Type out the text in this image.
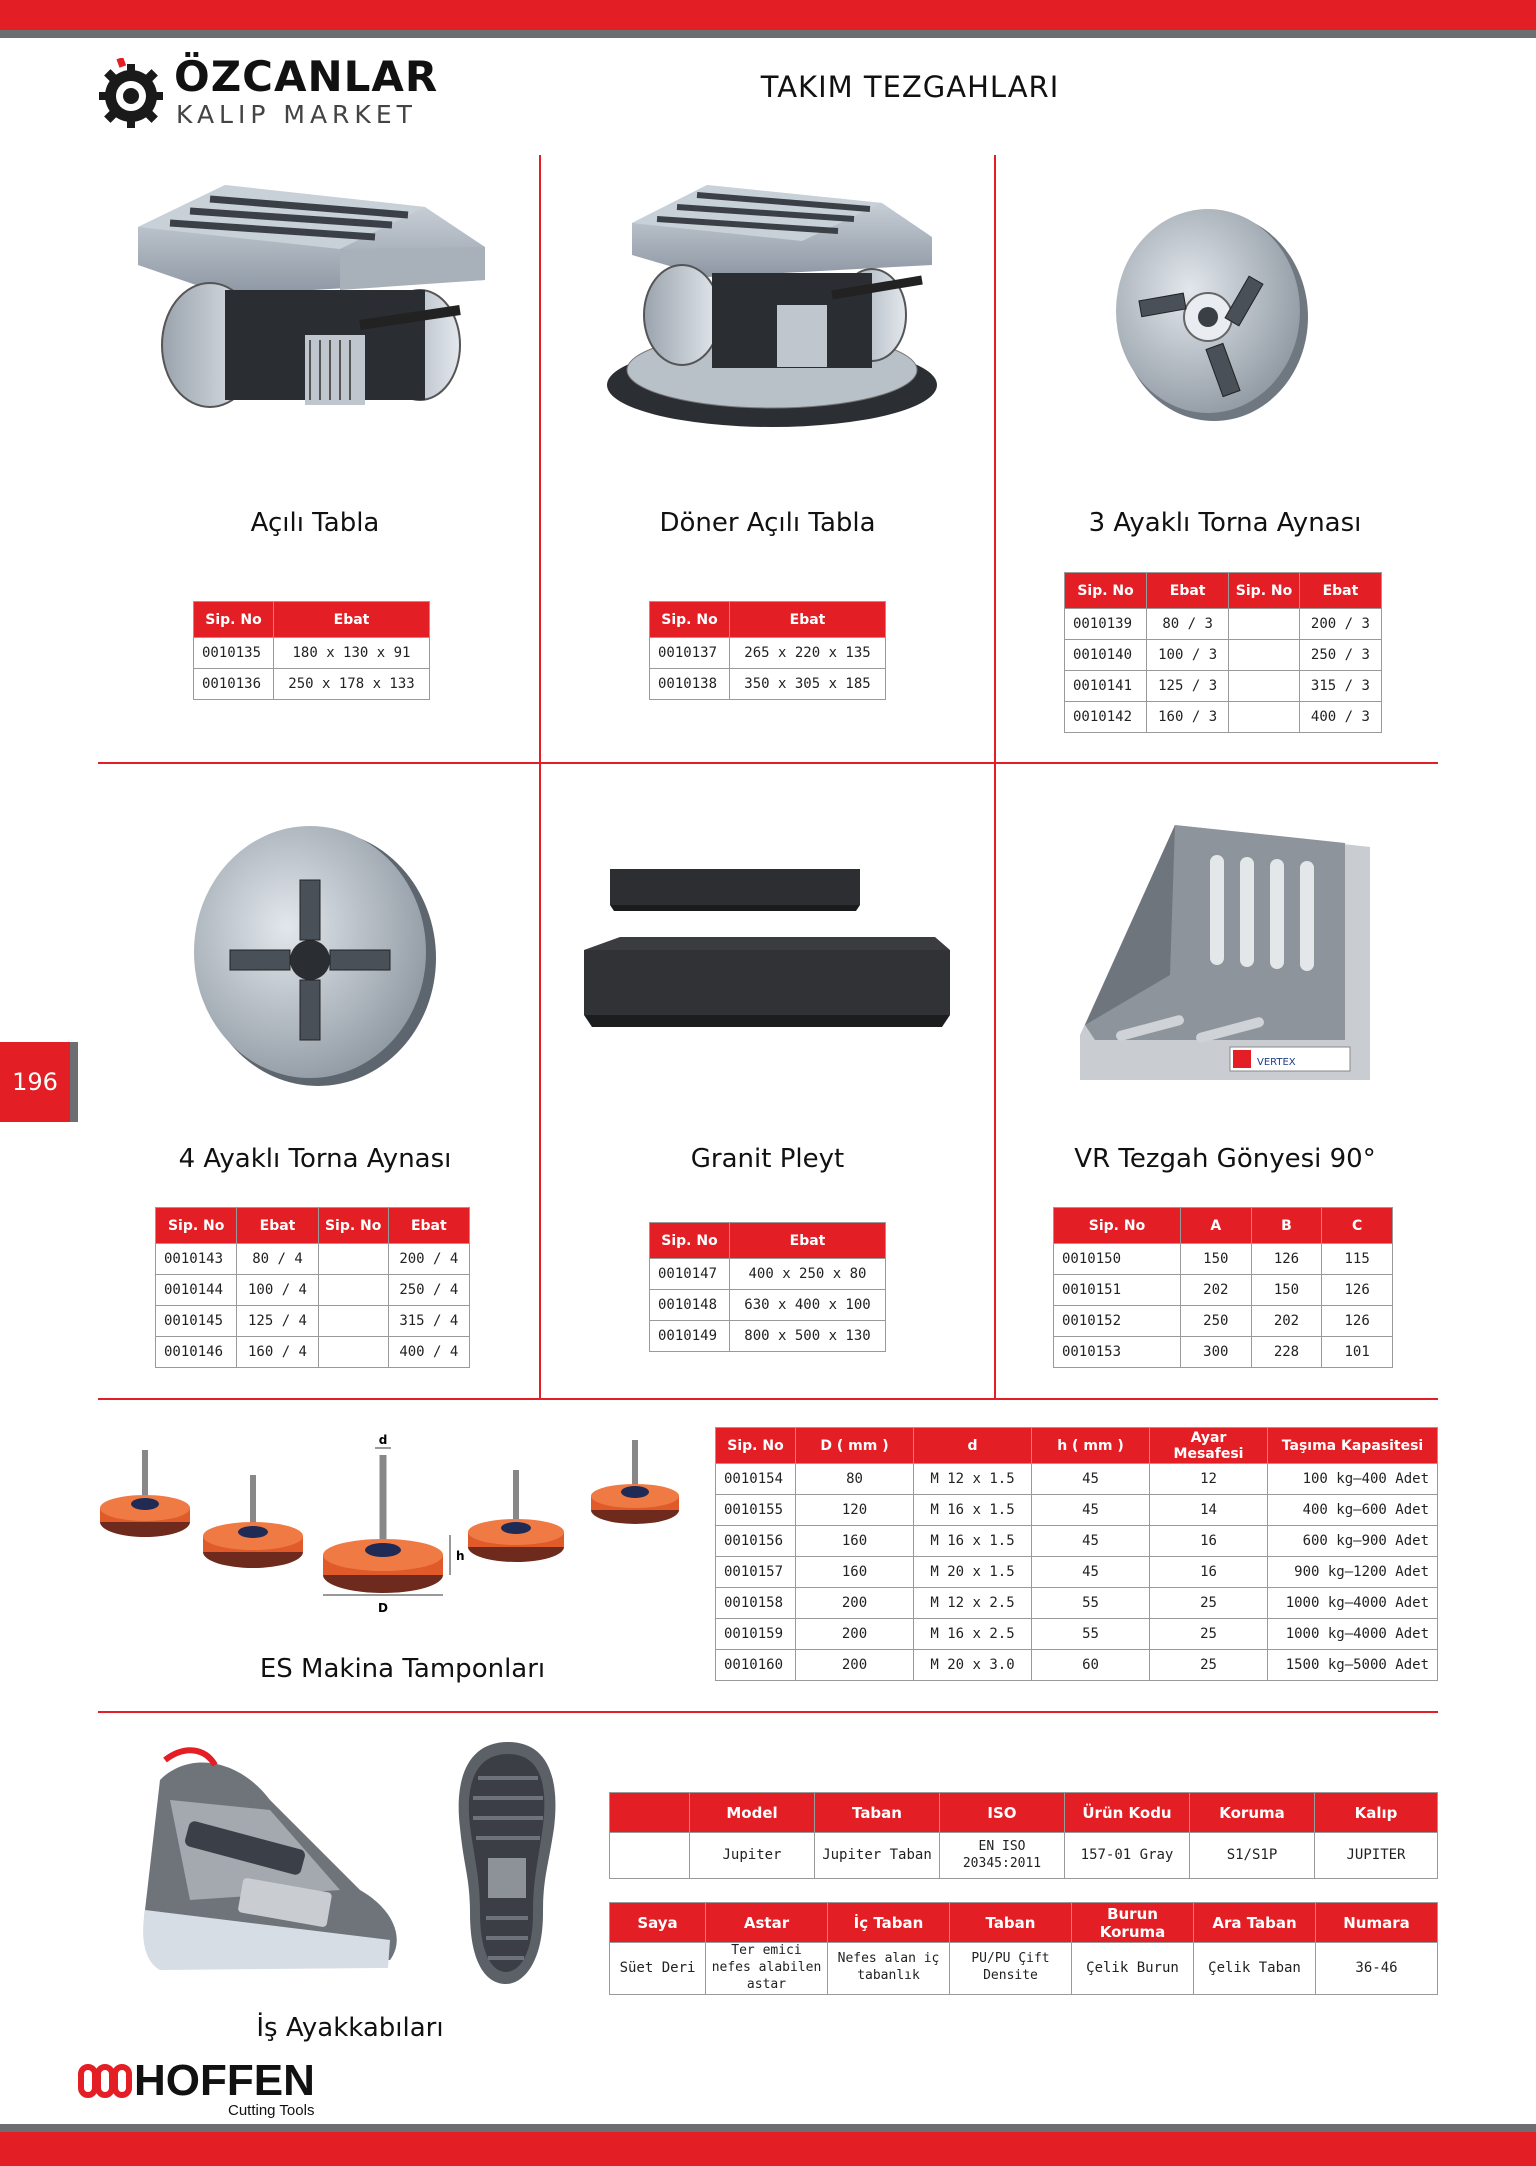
ÖZCANLAR
KALIP MARKET
TAKIM TEZGAHLARI
196
Açılı Tabla
Sip. No	Ebat
0010135	180 x 130 x 91
0010136	250 x 178 x 133
Döner Açılı Tabla
Sip. No	Ebat
0010137	265 x 220 x 135
0010138	350 x 305 x 185
3 Ayaklı Torna Aynası
Sip. No	Ebat	Sip. No	Ebat
0010139	80 / 3		200 / 3
0010140	100 / 3		250 / 3
0010141	125 / 3		315 / 3
0010142	160 / 3		400 / 3
4 Ayaklı Torna Aynası
Sip. No	Ebat	Sip. No	Ebat
0010143	80 / 4		200 / 4
0010144	100 / 4		250 / 4
0010145	125 / 4		315 / 4
0010146	160 / 4		400 / 4
Granit Pleyt
Sip. No	Ebat
0010147	400 x 250 x 80
0010148	630 x 400 x 100
0010149	800 x 500 x 130
VERTEX
VR Tezgah Gönyesi 90°
Sip. No	A	B	C
0010150	150	126	115
0010151	202	150	126
0010152	250	202	126
0010153	300	228	101
d
h
D
ES Makina Tamponları
Sip. No	D ( mm )	d	h ( mm )	Ayar Mesafesi	Taşıma Kapasitesi
0010154	80	M 12 x 1.5	45	12	100 kg—400 Adet
0010155	120	M 16 x 1.5	45	14	400 kg—600 Adet
0010156	160	M 16 x 1.5	45	16	600 kg—900 Adet
0010157	160	M 20 x 1.5	45	16	900 kg—1200 Adet
0010158	200	M 12 x 2.5	55	25	1000 kg—4000 Adet
0010159	200	M 16 x 2.5	55	25	1000 kg—4000 Adet
0010160	200	M 20 x 3.0	60	25	1500 kg—5000 Adet
İş Ayakkabıları
	Model	Taban	ISO	Ürün Kodu	Koruma	Kalıp
	Jupiter	Jupiter Taban	EN ISO 20345:2011	157-01 Gray	S1/S1P	JUPITER
Saya	Astar	İç Taban	Taban	Burun Koruma	Ara Taban	Numara
Süet Deri	Ter emici nefes alabilen astar	Nefes alan iç tabanlık	PU/PU Çift Densite	Çelik Burun	Çelik Taban	36-46
HOFFEN
Cutting Tools
